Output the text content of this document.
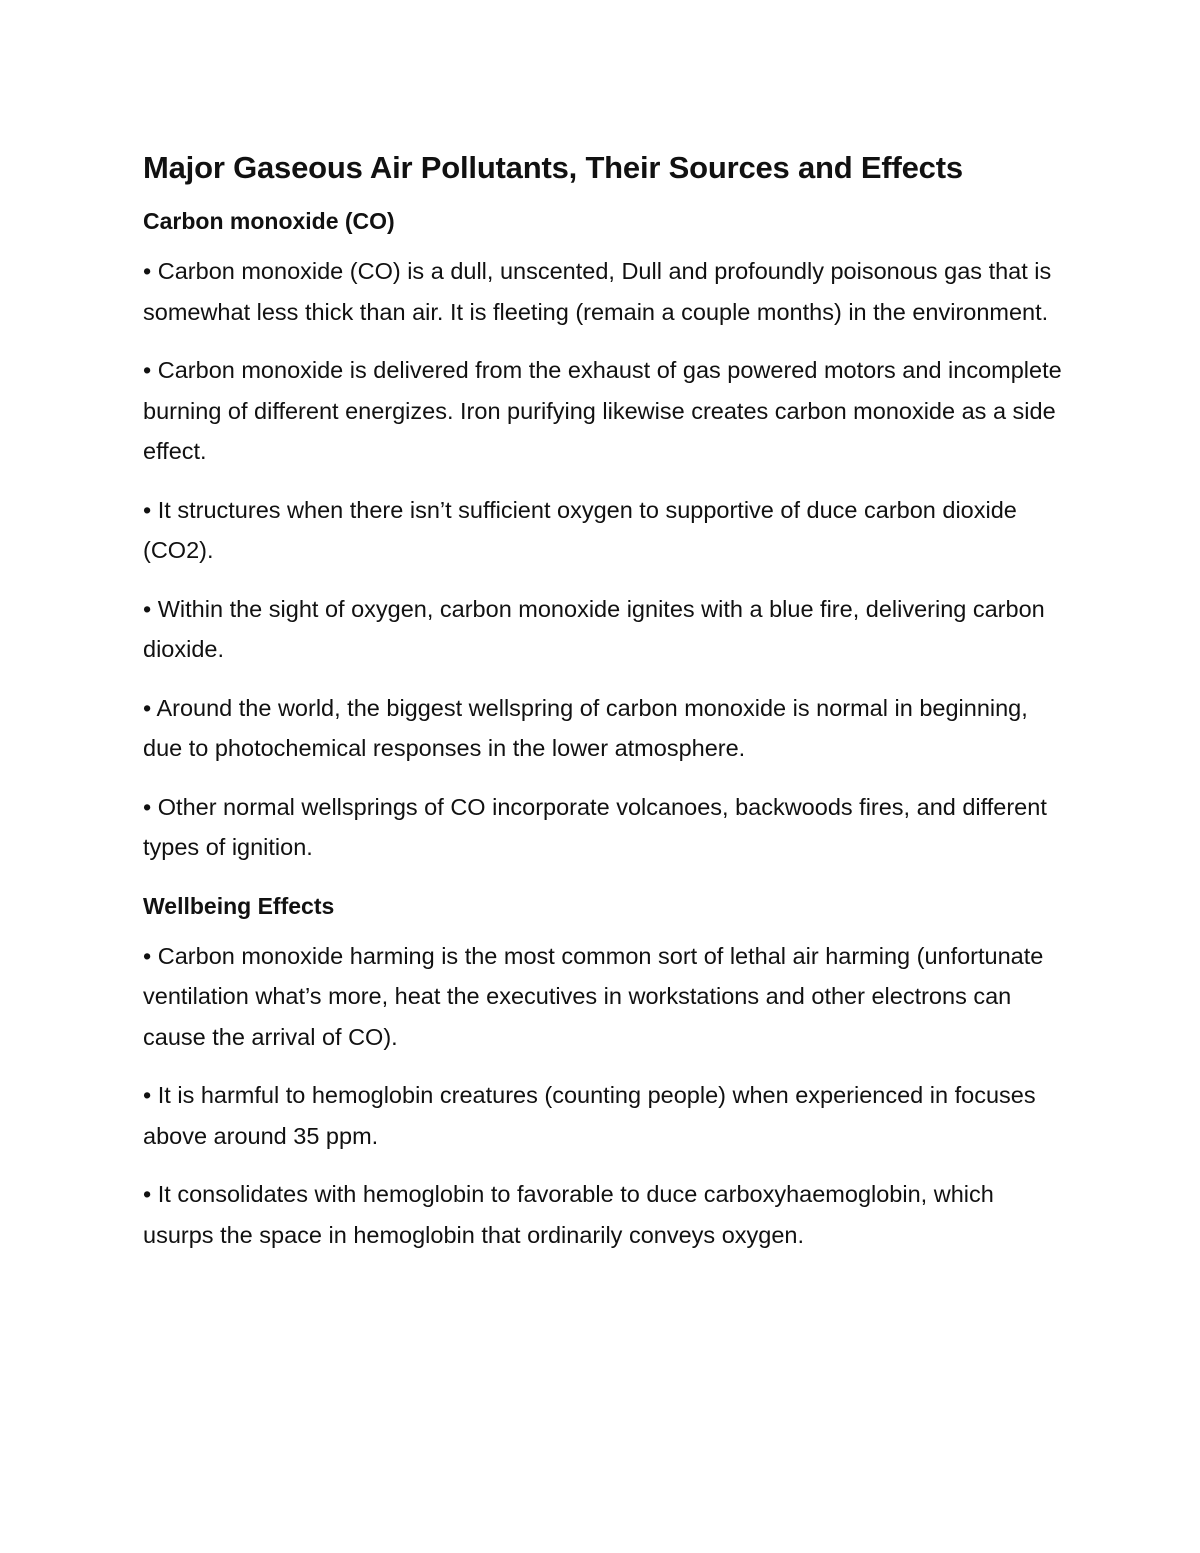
Major Gaseous Air Pollutants, Their Sources and Effects
Carbon monoxide (CO)

• Carbon monoxide (CO) is a dull, unscented, Dull and profoundly poisonous gas that is somewhat less thick than air. It is fleeting (remain a couple months) in the environment.

• Carbon monoxide is delivered from the exhaust of gas powered motors and incomplete burning of different energizes. Iron purifying likewise creates carbon monoxide as a side effect.

• It structures when there isn’t sufficient oxygen to supportive of duce carbon dioxide (CO2).

• Within the sight of oxygen, carbon monoxide ignites with a blue fire, delivering carbon dioxide.

• Around the world, the biggest wellspring of carbon monoxide is normal in beginning, due to photochemical responses in the lower atmosphere.

• Other normal wellsprings of CO incorporate volcanoes, backwoods fires, and different types of ignition.

Wellbeing Effects

• Carbon monoxide harming is the most common sort of lethal air harming (unfortunate ventilation what’s more, heat the executives in workstations and other electrons can cause the arrival of CO).

• It is harmful to hemoglobin creatures (counting people) when experienced in focuses above around 35 ppm.

• It consolidates with hemoglobin to favorable to duce carboxyhaemoglobin, which usurps the space in hemoglobin that ordinarily conveys oxygen.
